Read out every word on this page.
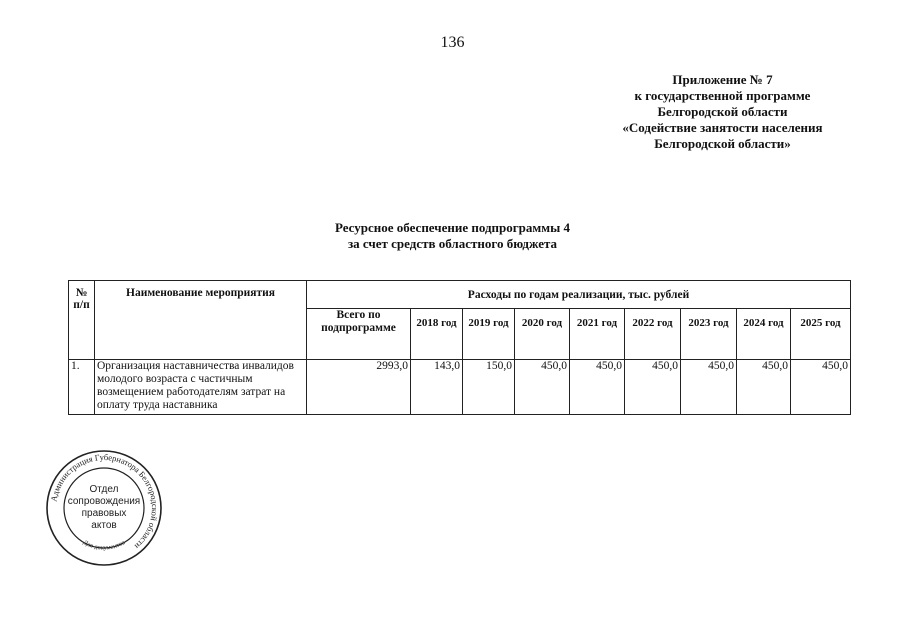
136
Приложение № 7
к государственной программе
Белгородской области
«Содействие занятости населения
Белгородской области»
Ресурсное обеспечение подпрограммы 4
за счет средств областного бюджета
№ п/п	Наименование мероприятия	Расходы по годам реализации, тыс. рублей								
		Всего по подпрограмме	2018 год	2019 год	2020 год	2021 год	2022 год	2023 год	2024 год	2025 год
1.	Организация наставничества инвалидов молодого возраста с частичным возмещением работодателям затрат на оплату труда наставника	2993,0	143,0	150,0	450,0	450,0	450,0	450,0	450,0	450,0
Администрация Губернатора Белгородской области
Для документов
Отдел
сопровождения
правовых
актов
